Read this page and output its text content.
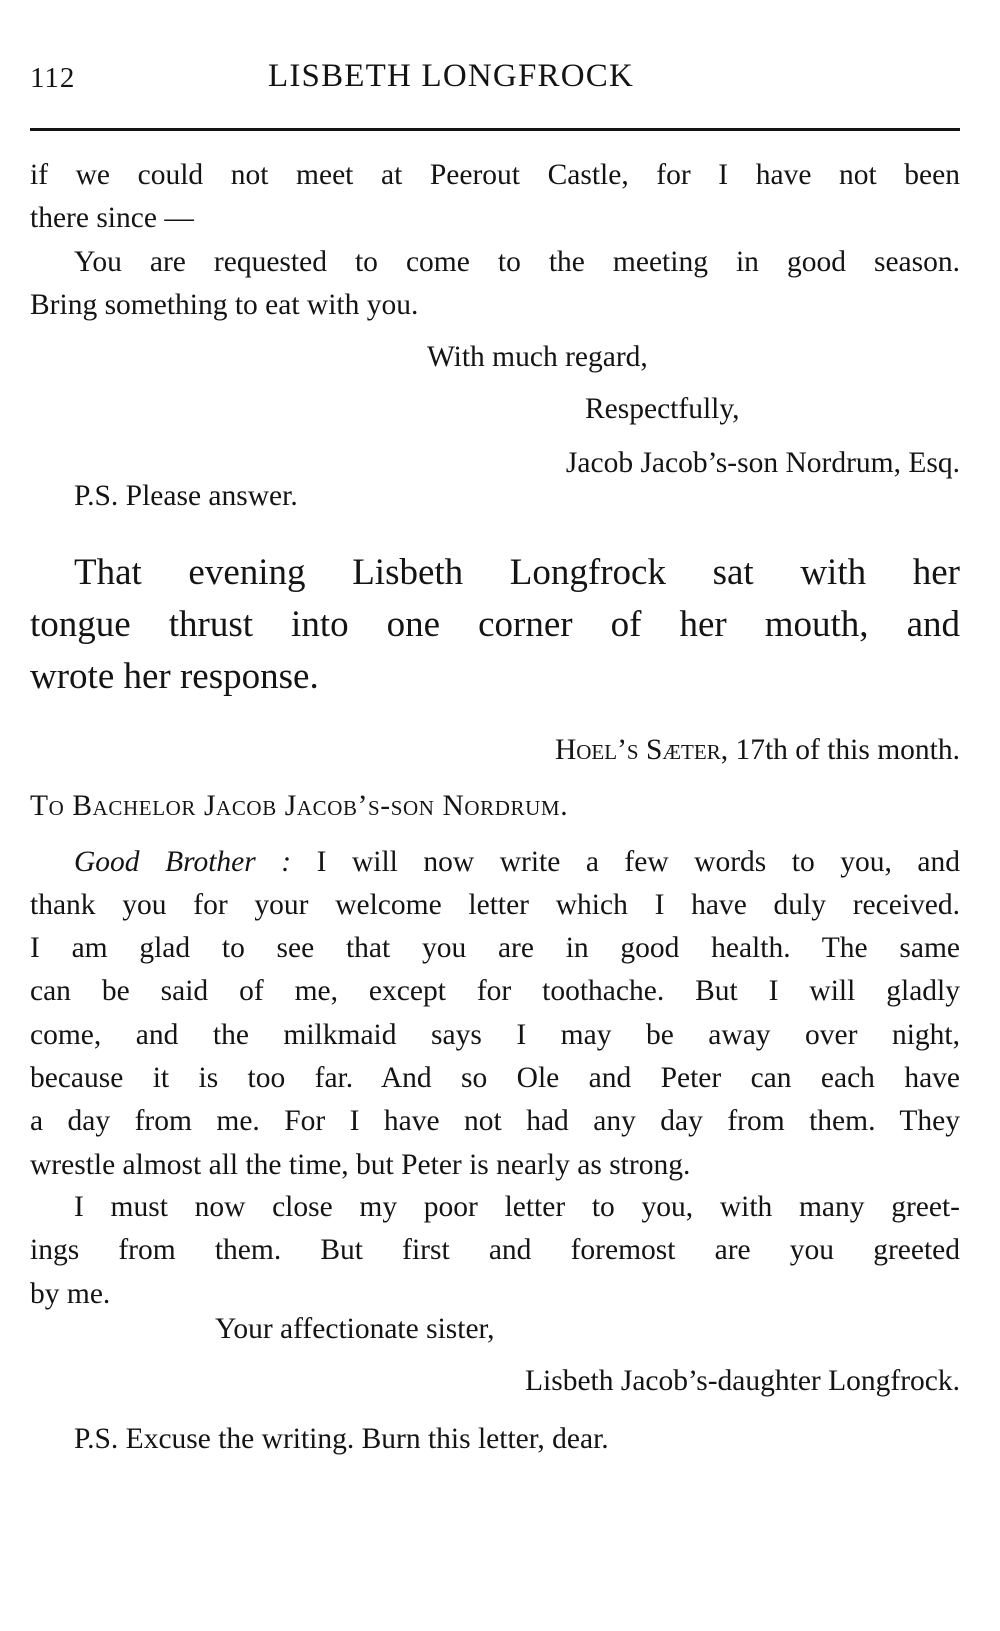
112	LISBETH LONGFROCK
if we could not meet at Peerout Castle, for I have not been
there since —
You are requested to come to the meeting in good season.
Bring something to eat with you.
With much regard,
Respectfully,
Jacob Jacob’s-son Nordrum, Esq.
P.S. Please answer.
That evening Lisbeth Longfrock sat with her
tongue thrust into one corner of her mouth, and
wrote her response.
Hoel’s Sæter, 17th of this month.
To Bachelor Jacob Jacob’s-son Nordrum.
Good Brother : I will now write a few words to you, and
thank you for your welcome letter which I have duly received.
I am glad to see that you are in good health. The same
can be said of me, except for toothache. But I will gladly
come, and the milkmaid says I may be away over night,
because it is too far. And so Ole and Peter can each have
a day from me. For I have not had any day from them. They
wrestle almost all the time, but Peter is nearly as strong.
I must now close my poor letter to you, with many greet-
ings from them. But first and foremost are you greeted
by me.
Your affectionate sister,
Lisbeth Jacob’s-daughter Longfrock.
P.S. Excuse the writing. Burn this letter, dear.
